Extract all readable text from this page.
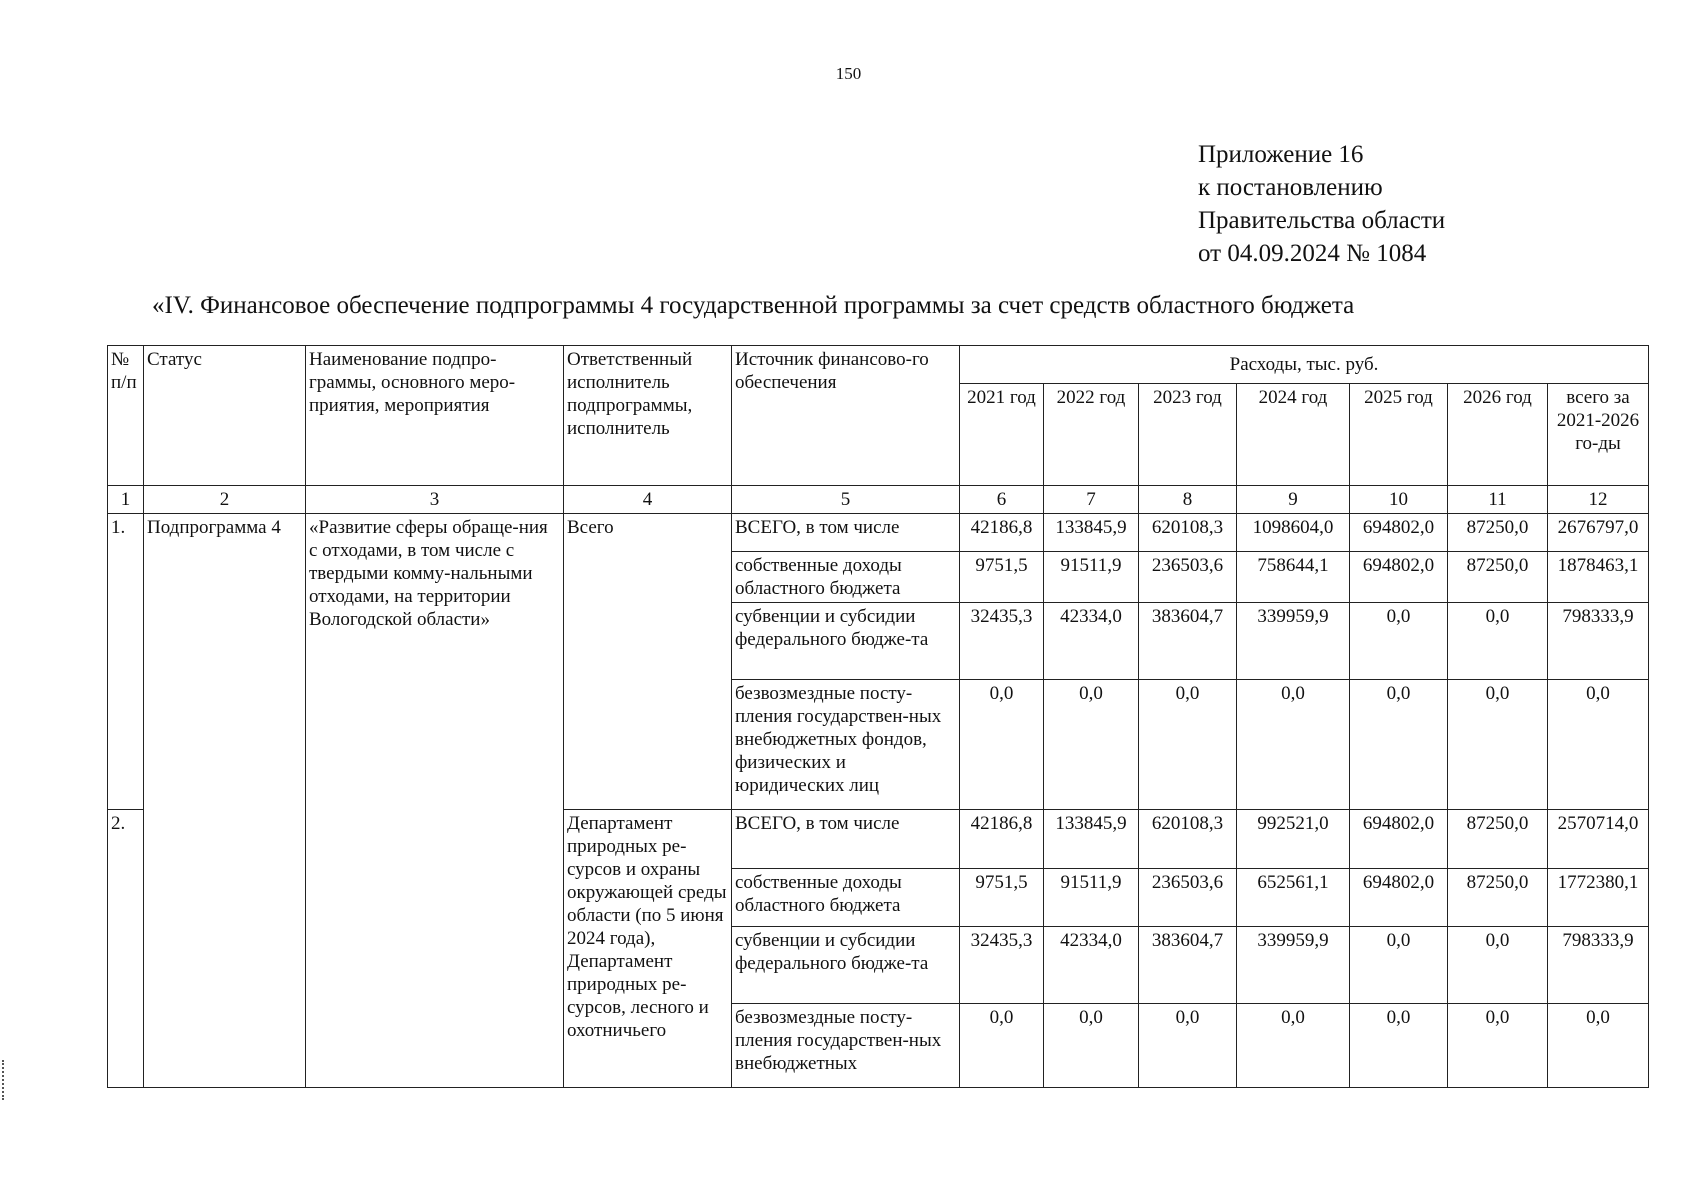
150
Приложение 16
к постановлению
Правительства области
от 04.09.2024 № 1084
«IV. Финансовое обеспечение подпрограммы 4 государственной программы за счет средств областного бюджета
№ п/п	Статус	Наименование подпро-граммы, основного меро-приятия, мероприятия	Ответственный исполнитель подпрограммы, исполнитель	Источник финансово-го обеспечения	Расходы, тыс. руб.						
					2021 год	2022 год	2023 год	2024 год	2025 год	2026 год	всего за 2021-2026 го-ды
1	2	3	4	5	6	7	8	9	10	11	12
1.	Подпрограмма 4	«Развитие сферы обраще-ния с отходами, в том числе с твердыми комму-нальными отходами, на территории Вологодской области»	Всего	ВСЕГО, в том числе	42186,8	133845,9	620108,3	1098604,0	694802,0	87250,0	2676797,0
				собственные доходы областного бюджета	9751,5	91511,9	236503,6	758644,1	694802,0	87250,0	1878463,1
				субвенции и субсидии федерального бюдже-та	32435,3	42334,0	383604,7	339959,9	0,0	0,0	798333,9
				безвозмездные посту-пления государствен-ных внебюджетных фондов, физических и юридических лиц	0,0	0,0	0,0	0,0	0,0	0,0	0,0
2.			Департамент природных ре-сурсов и охраны окружающей среды области (по 5 июня 2024 года), Департамент природных ре-сурсов, лесного и охотничьего	ВСЕГО, в том числе	42186,8	133845,9	620108,3	992521,0	694802,0	87250,0	2570714,0
				собственные доходы областного бюджета	9751,5	91511,9	236503,6	652561,1	694802,0	87250,0	1772380,1
				субвенции и субсидии федерального бюдже-та	32435,3	42334,0	383604,7	339959,9	0,0	0,0	798333,9
				безвозмездные посту-пления государствен-ных внебюджетных	0,0	0,0	0,0	0,0	0,0	0,0	0,0
